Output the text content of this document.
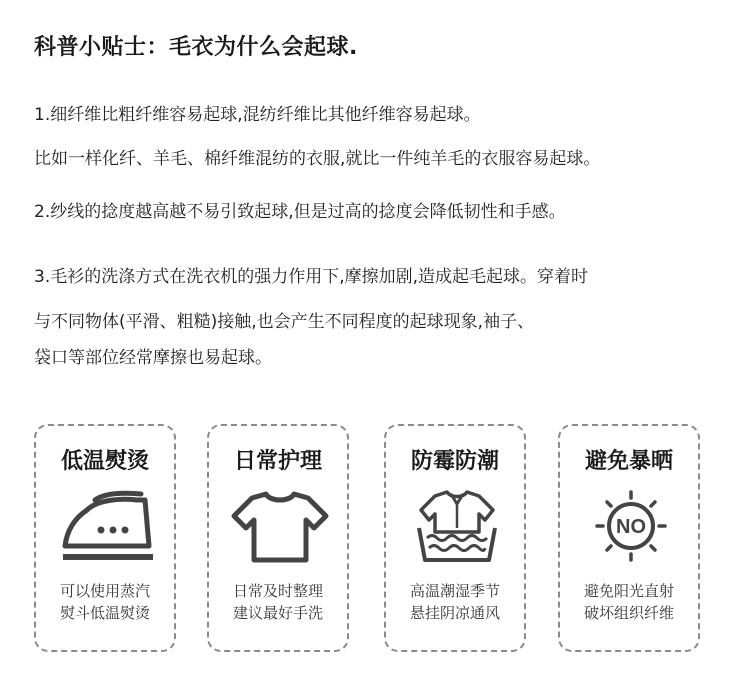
科普小贴士：毛衣为什么会起球.
1.细纤维比粗纤维容易起球,混纺纤维比其他纤维容易起球。
比如一样化纤、羊毛、棉纤维混纺的衣服,就比一件纯羊毛的衣服容易起球。
2.纱线的捻度越高越不易引致起球,但是过高的捻度会降低韧性和手感。
3.毛衫的洗涤方式在洗衣机的强力作用下,摩擦加剧,造成起毛起球。穿着时
与不同物体(平滑、粗糙)接触,也会产生不同程度的起球现象,袖子、
袋口等部位经常摩擦也易起球。
低温熨烫
可以使用蒸汽
熨斗低温熨烫
日常护理
日常及时整理
建议最好手洗
防霉防潮
高温潮湿季节
悬挂阴凉通风
避免暴晒
NO
避免阳光直射
破坏组织纤维
